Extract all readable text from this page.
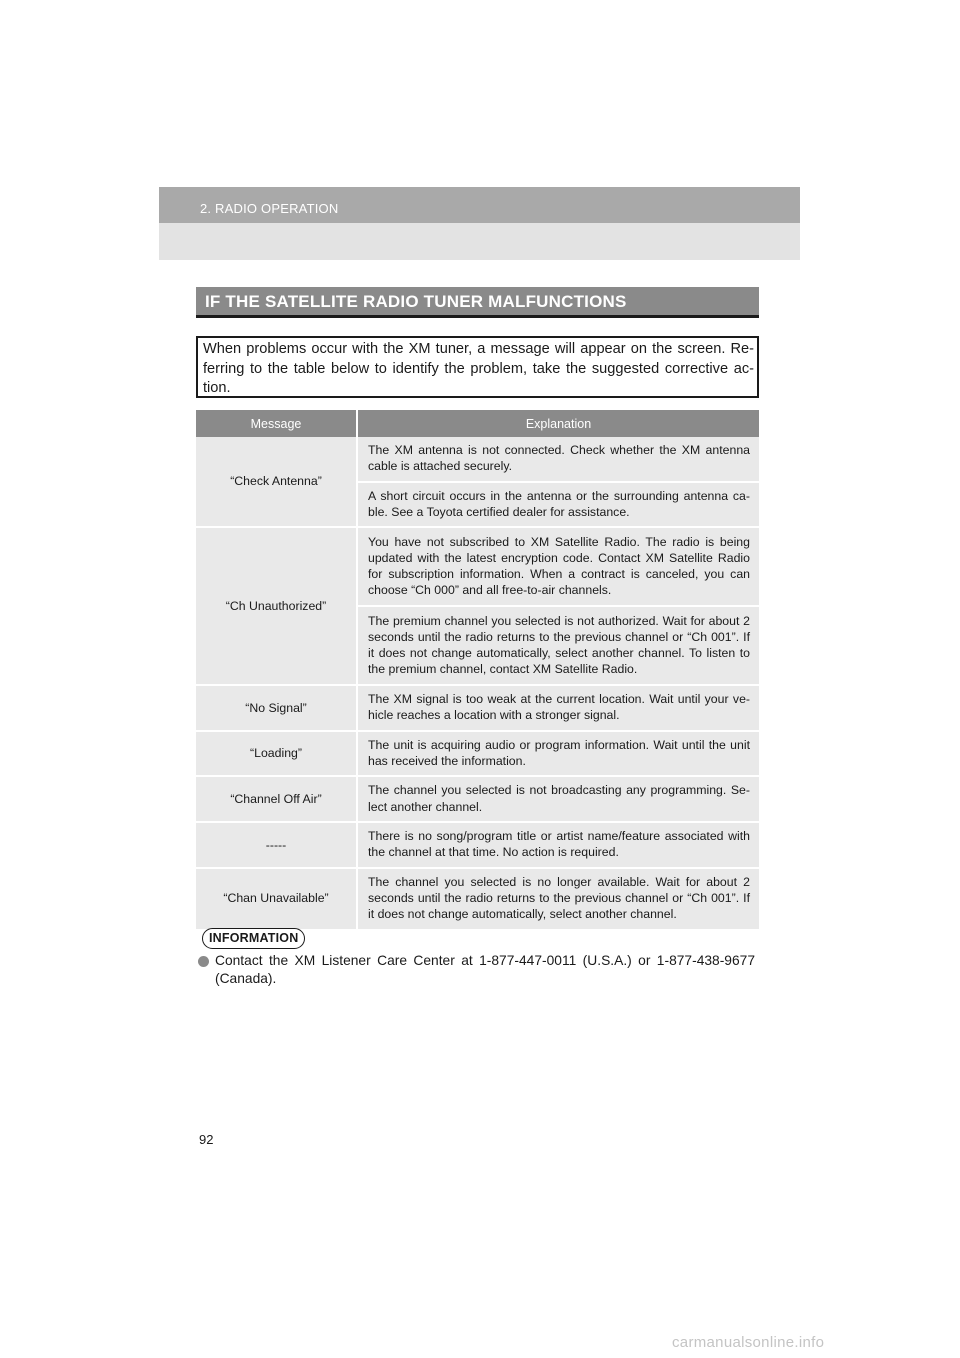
2. RADIO OPERATION
IF THE SATELLITE RADIO TUNER MALFUNCTIONS
When problems occur with the XM tuner, a message will appear on the screen. Re-ferring to the table below to identify the problem, take the suggested corrective ac-tion.
Message	Explanation
“Check Antenna”	The XM antenna is not connected. Check whether the XM antenna cable is attached securely.
	A short circuit occurs in the antenna or the surrounding antenna ca-ble. See a Toyota certified dealer for assistance.
“Ch Unauthorized”	You have not subscribed to XM Satellite Radio. The radio is being updated with the latest encryption code. Contact XM Satellite Radio for subscription information. When a contract is canceled, you can choose “Ch 000” and all free-to-air channels.
	The premium channel you selected is not authorized. Wait for about 2 seconds until the radio returns to the previous channel or “Ch 001”. If it does not change automatically, select another channel. To listen to the premium channel, contact XM Satellite Radio.
“No Signal”	The XM signal is too weak at the current location. Wait until your ve-hicle reaches a location with a stronger signal.
“Loading”	The unit is acquiring audio or program information. Wait until the unit has received the information.
“Channel Off Air”	The channel you selected is not broadcasting any programming. Se-lect another channel.
-----	There is no song/program title or artist name/feature associated with the channel at that time. No action is required.
“Chan Unavailable”	The channel you selected is no longer available. Wait for about 2 seconds until the radio returns to the previous channel or “Ch 001”. If it does not change automatically, select another channel.
INFORMATION
Contact the XM Listener Care Center at 1-877-447-0011 (U.S.A.) or 1-877-438-9677 (Canada).
92
carmanualsonline.info
